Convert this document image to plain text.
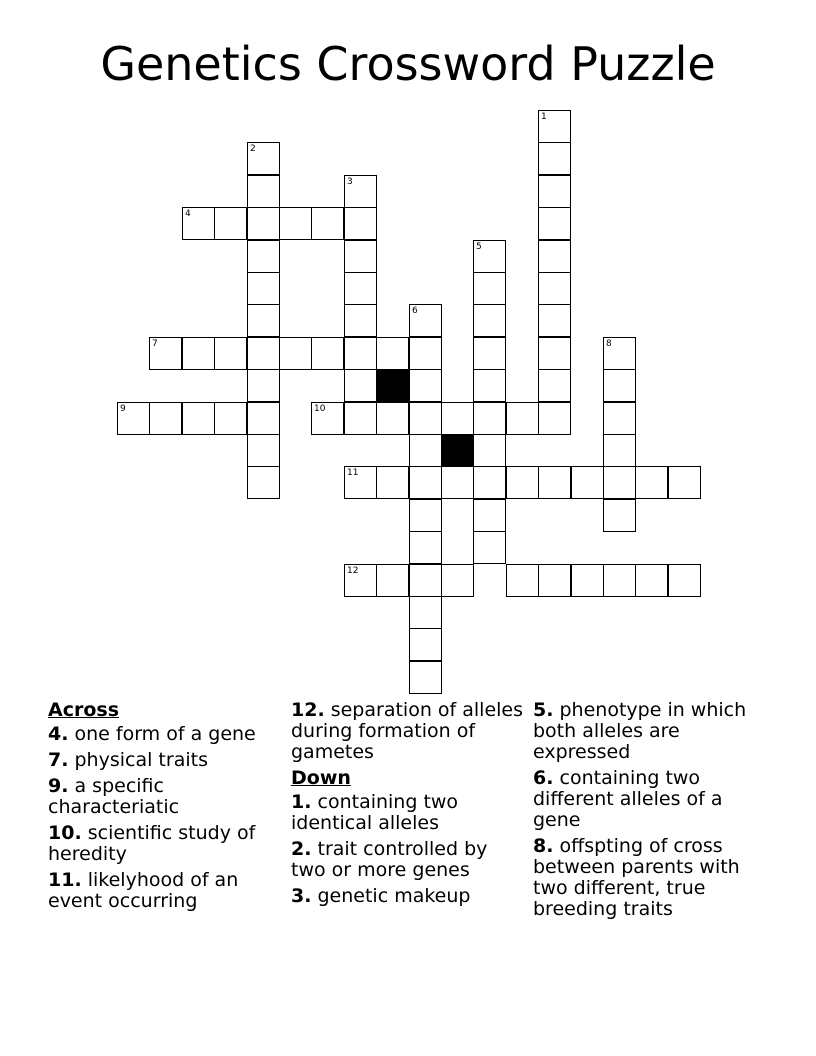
Genetics Crossword Puzzle
1
2
3
4
5
6
7	8
9	10
11
12
Across
4. one form of a gene
7. physical traits
9. a specific characteriatic
10. scientific study of heredity
11. likelyhood of an event occurring
12. separation of alleles during formation of gametes
Down
1. containing two identical alleles
2. trait controlled by two or more genes
3. genetic makeup
5. phenotype in which both alleles are expressed
6. containing two different alleles of a gene
8. offspting of cross between parents with two different, true breeding traits
